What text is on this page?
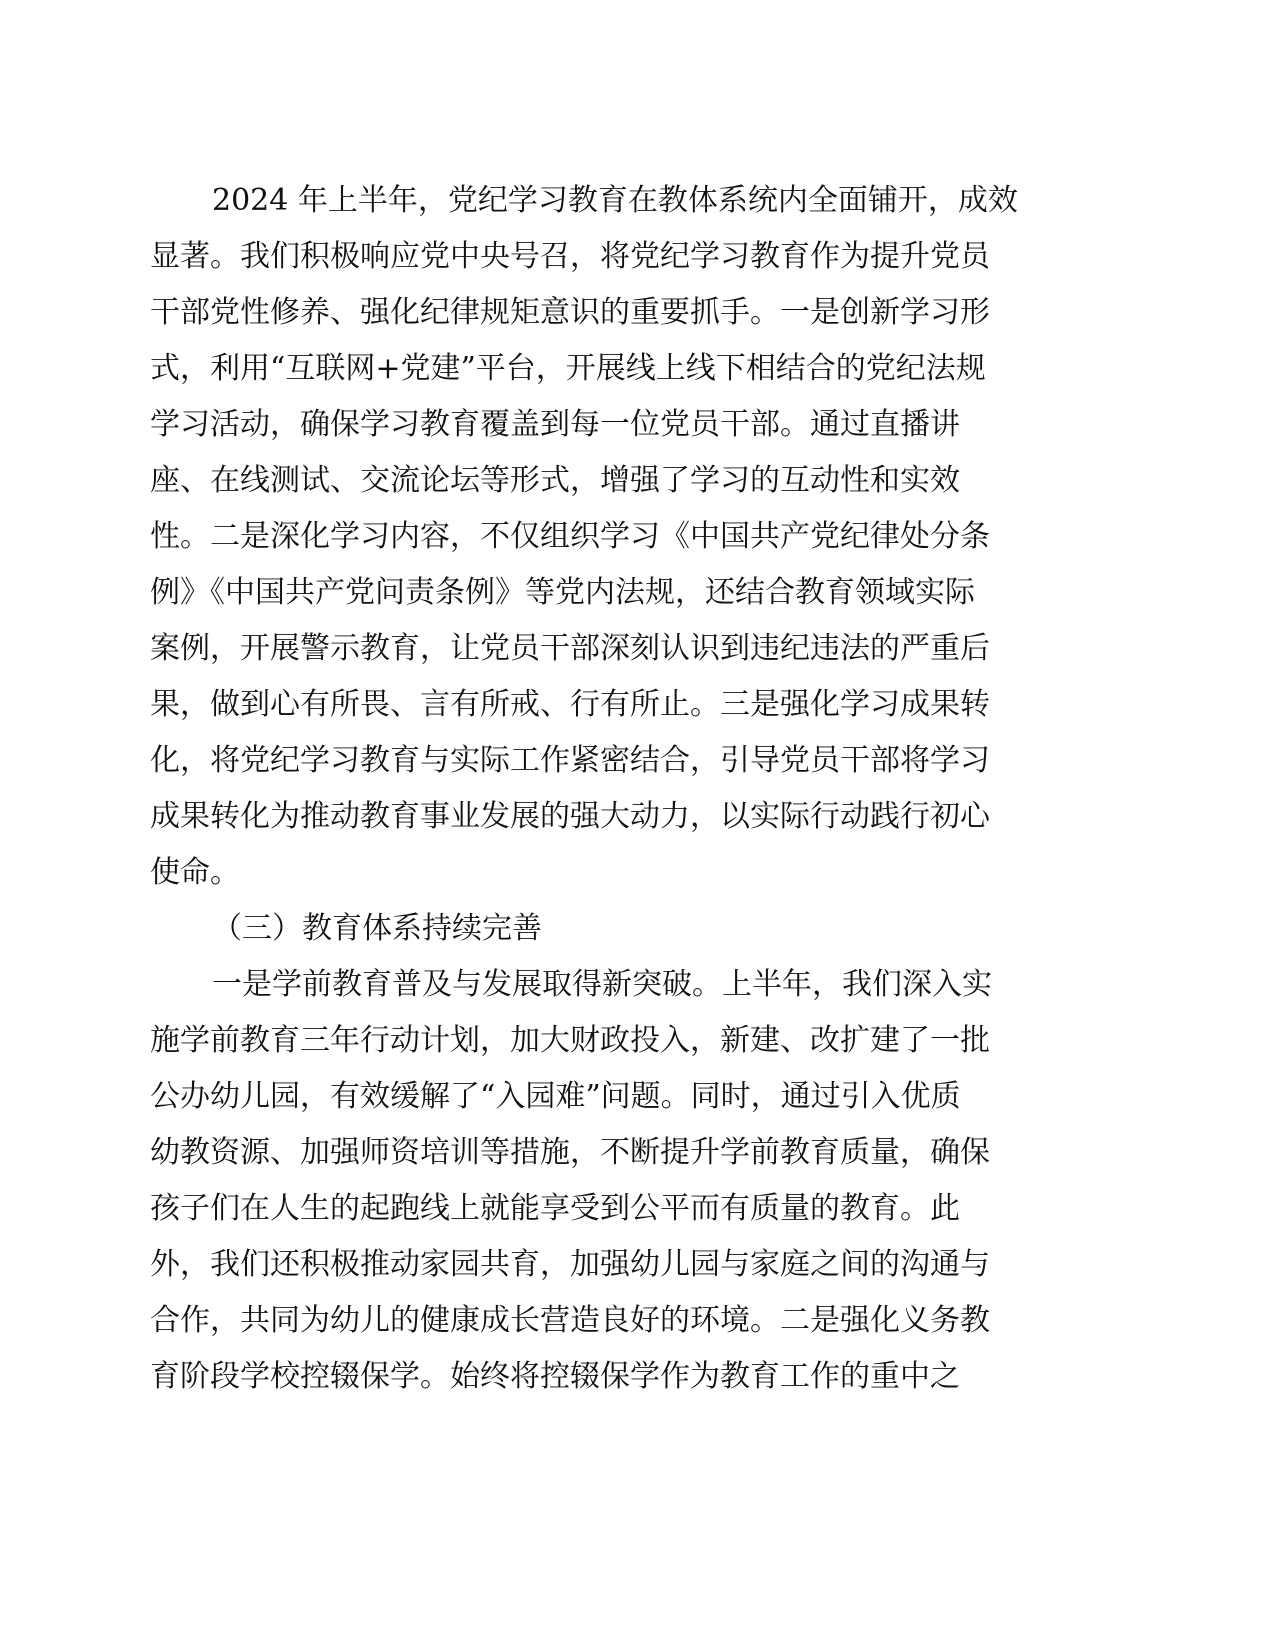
2024 年上半年，党纪学习教育在教体系统内全面铺开，成效

显著。我们积极响应党中央号召，将党纪学习教育作为提升党员

干部党性修养、强化纪律规矩意识的重要抓手。一是创新学习形

式，利用“互联网+党建”平台，开展线上线下相结合的党纪法规

学习活动，确保学习教育覆盖到每一位党员干部。通过直播讲

座、在线测试、交流论坛等形式，增强了学习的互动性和实效

性。二是深化学习内容，不仅组织学习《中国共产党纪律处分条

例》《中国共产党问责条例》等党内法规，还结合教育领域实际

案例，开展警示教育，让党员干部深刻认识到违纪违法的严重后

果，做到心有所畏、言有所戒、行有所止。三是强化学习成果转

化，将党纪学习教育与实际工作紧密结合，引导党员干部将学习

成果转化为推动教育事业发展的强大动力，以实际行动践行初心

使命。

（三）教育体系持续完善

一是学前教育普及与发展取得新突破。上半年，我们深入实

施学前教育三年行动计划，加大财政投入，新建、改扩建了一批

公办幼儿园，有效缓解了“入园难”问题。同时，通过引入优质

幼教资源、加强师资培训等措施，不断提升学前教育质量，确保

孩子们在人生的起跑线上就能享受到公平而有质量的教育。此

外，我们还积极推动家园共育，加强幼儿园与家庭之间的沟通与

合作，共同为幼儿的健康成长营造良好的环境。二是强化义务教

育阶段学校控辍保学。始终将控辍保学作为教育工作的重中之
